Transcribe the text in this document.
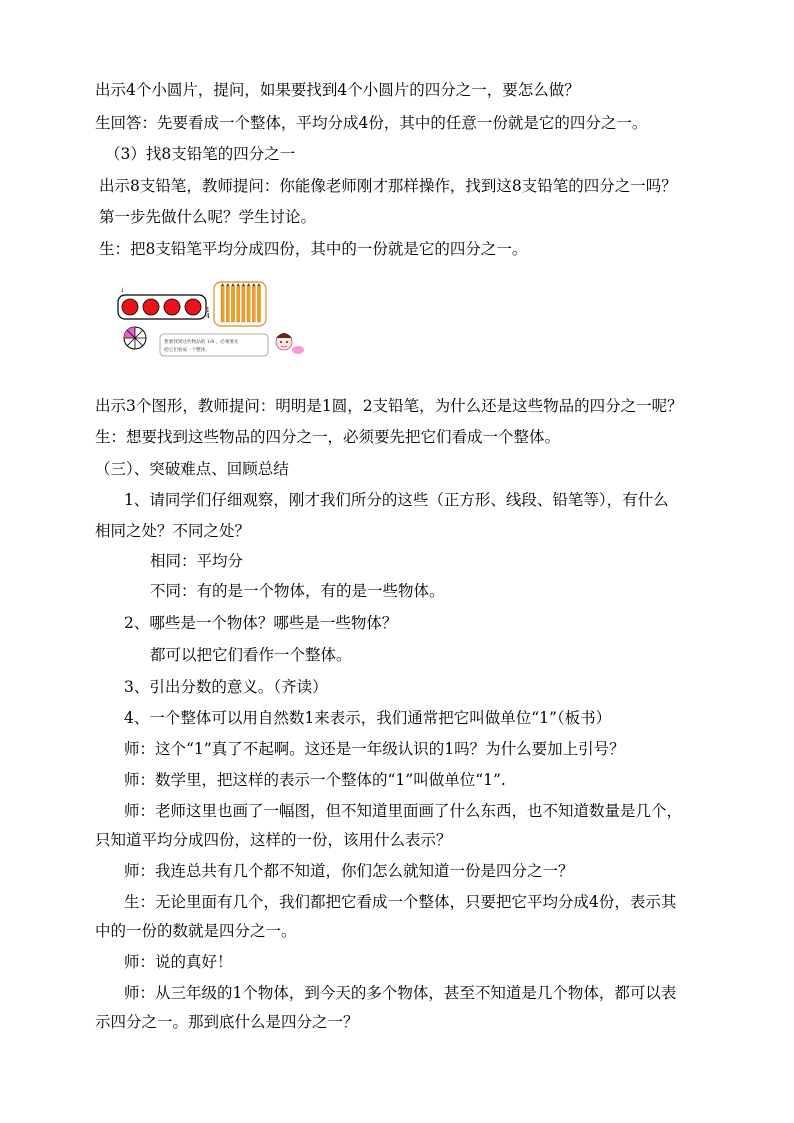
出示4个小圆片，提问，如果要找到4个小圆片的四分之一，要怎么做？
生回答：先要看成一个整体，平均分成4份，其中的任意一份就是它的四分之一。
（3）找8支铅笔的四分之一
出示8支铅笔，教师提问：你能像老师刚才那样操作，找到这8支铅笔的四分之一吗？
第一步先做什么呢？学生讨论。
生：把8支铅笔平均分成四份，其中的一份就是它的四分之一。
↓
1
4
想要找到这些物品的 1/4 ，必须要先
把它们看成一个整体。
出示3个图形，教师提问：明明是1圆，2支铅笔，为什么还是这些物品的四分之一呢？
生：想要找到这些物品的四分之一，必须要先把它们看成一个整体。
（三）、突破难点、回顾总结
1、请同学们仔细观察，刚才我们所分的这些（正方形、线段、铅笔等），有什么
相同之处？不同之处？
相同：平均分
不同：有的是一个物体，有的是一些物体。
2、哪些是一个物体？哪些是一些物体？
都可以把它们看作一个整体。
3、引出分数的意义。（齐读）
4、一个整体可以用自然数1来表示，我们通常把它叫做单位“1”（板书）
师：这个“1”真了不起啊。这还是一年级认识的1吗？为什么要加上引号？
师：数学里，把这样的表示一个整体的“1”叫做单位“1”.
师：老师这里也画了一幅图，但不知道里面画了什么东西，也不知道数量是几个，
只知道平均分成四份，这样的一份，该用什么表示？
师：我连总共有几个都不知道，你们怎么就知道一份是四分之一？
生：无论里面有几个，我们都把它看成一个整体，只要把它平均分成4份，表示其
中的一份的数就是四分之一。
师：说的真好！
师：从三年级的1个物体，到今天的多个物体，甚至不知道是几个物体，都可以表
示四分之一。那到底什么是四分之一？
